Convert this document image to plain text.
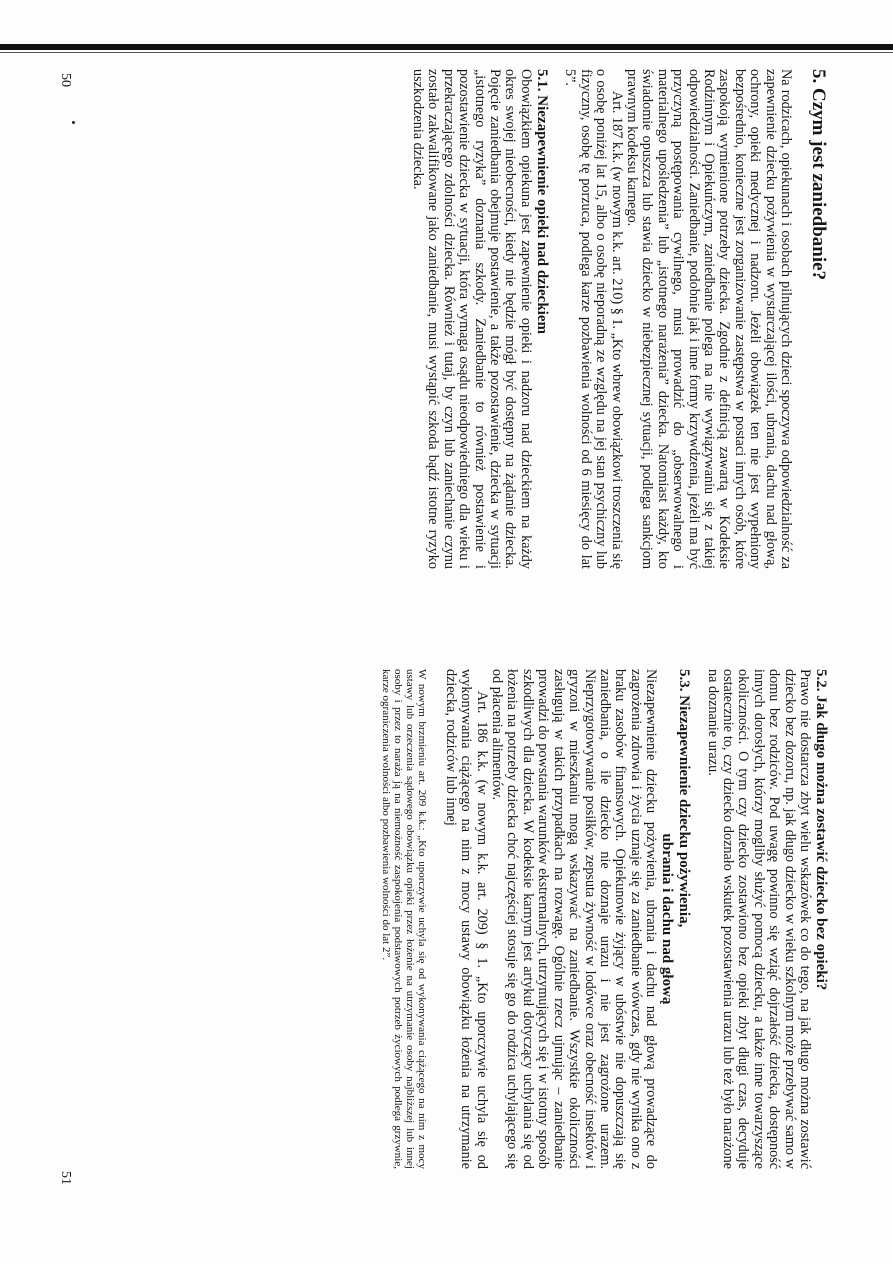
5. Czym jest zaniedbanie?

Na rodzicach, opiekunach i osobach pilnujących dzieci spoczywa odpowiedzialność za zapewnienie dziecku pożywienia w wystarczającej ilości, ubrania, dachu nad głową, ochrony, opieki medycznej i nadzoru. Jeżeli obowiązek ten nie jest wypełniony bezpośrednio, konieczne jest zorganizowanie zastępstwa w postaci innych osób, które zaspokoją wymienione potrzeby dziecka. Zgodnie z definicją zawartą w Kodeksie Rodzinnym i Opiekuńczym, zaniedbanie polega na nie wywiązywaniu się z takiej odpowiedzialności. Zaniedbanie, podobnie jak i inne formy krzywdzenia, jeżeli ma być przyczyną postępowania cywilnego, musi prowadzić do „obserwowalnego i materialnego upośledzenia” lub „istotnego narażenia” dziecka. Natomiast każdy, kto świadomie opuszcza lub stawia dziecko w niebezpiecznej sytuacji, podlega sankcjom prawnym kodeksu karnego.

Art. 187 k.k. (w nowym k.k. art. 210) § 1. „Kto wbrew obowiązkowi troszczenia się o osobę poniżej lat 15, albo o osobę nieporadną ze względu na jej stan psychiczny lub fizyczny, osobę tę porzuca, podlega karze pozbawienia wolności od 6 miesięcy do lat 5”.

5.1. Niezapewnienie opieki nad dzieckiem

Obowiązkiem opiekuna jest zapewnienie opieki i nadzoru nad dzieckiem na każdy okres swojej nieobecności, kiedy nie będzie mógł być dostępny na żądanie dziecka. Pojęcie zaniedbania obejmuje postawienie, a także pozostawienie, dziecka w sytuacji „istotnego ryzyka” doznania szkody. Zaniedbanie to również postawienie i pozostawienie dziecka w sytuacji, która wymaga osądu nieodpowiedniego dla wieku i przekraczającego zdolności dziecka. Również i tutaj, by czyn lub zaniechanie czynu zostało zakwalifikowane jako zaniedbanie, musi wystąpić szkoda bądź istotne ryzyko uszkodzenia dziecka.

50
5.2. Jak długo można zostawić dziecko bez opieki?

Prawo nie dostarcza zbyt wielu wskazówek co do tego, na jak długo można zostawić dziecko bez dozoru, np. jak długo dzieckо w wieku szkolnym może przebywać samo w domu bez rodziców. Pod uwagę powinno się wziąć dojrzałość dziecka, dostępność innych dorosłych, którzy mogliby służyć pomocą dziecku, a także inne towarzyszące okoliczności. O tym czy dziecko zostawiono bez opieki zbyt długi czas, decyduje ostatecznie to, czy dziecko doznało wskutek pozostawienia urazu lub też było narażone na doznanie urazu.

5.3. Niezapewnienie dziecku pożywienia,
ubrania i dachu nad głową

Niezapewnienie dziecku pożywienia, ubrania i dachu nad głową prowadzące do zagrożenia zdrowia i życia uznaje się za zaniedbanie wówczas, gdy nie wynika ono z braku zasobów finansowych. Opiekunowie żyjący w ubóstwie nie dopuszczają się zaniedbania, o ile dziecko nie doznaje urazu i nie jest zagrożone urazem. Nieprzygotowywanie posiłków, zepsuta żywność w lodówce oraz obecność insektów i gryzoni w mieszkaniu mogą wskazywać na zaniedbanie. Wszystkie okoliczności zasługują w takich przypadkach na rozwagę. Ogólnie rzecz ujmując – zaniedbanie prowadzi do powstania warunków ekstremalnych, utrzymujących się i w istotny sposób szkodliwych dla dziecka. W kodeksie karnym jest artykuł dotyczący uchylania się od łożenia na potrzeby dziecka choć najczęściej stosuje się go do rodzica uchylającego się od płacenia alimentów.

Art. 186 k.k. (w nowym k.k. art. 209) § 1. „Kto uporczywie uchyla się od wykonywania ciążącego na nim z mocy ustawy obowiązku łożenia na utrzymanie dziecka, rodziców lub innej

W nowym brzmieniu art. 209 k.k.: „Kto uporczywie uchyla się od wykonywania ciążącego na nim z mocy ustawy lub orzeczenia sądowego obowiązku opieki przez łożenie na utrzymanie osoby najbliższej lub innej osoby i przez to naraża ją na niemożność zaspokojenia podstawowych potrzeb życiowych podlega grzywnie, karze ograniczenia wolności albo pozbawienia wolności do lat 2”.

51
